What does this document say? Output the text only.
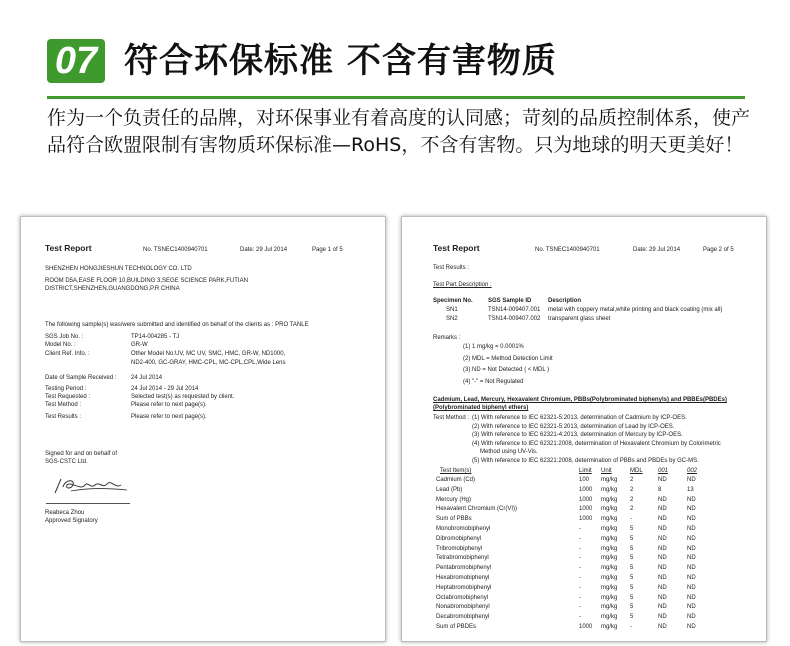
07 符合环保标准 不含有害物质
作为一个负责任的品牌，对环保事业有着高度的认同感；苛刻的品质控制体系，使产品符合欧盟限制有害物质环保标准—RoHS，不含有害物。只为地球的明天更美好！
Test Report	No. TSNEC1400940701	Date: 29 Jul 2014	Page 1 of 5
SHENZHEN HONGJIESHUN TECHNOLOGY CO. LTD
ROOM D5A,EASE FLOOR 10,BUILDING 3,SEGE SCIENCE PARK,FUTIAN
DISTRICT,SHENZHEN,GUANGDONG,P.R CHINA
The following sample(s) was/were submitted and identified on behalf of the clients as : PRO TANLE
SGS Job No. :	TP14-004285 - TJ
Model No. :	GR-W
Client Ref. Info. :	Other Model No:UV, MC UV, SMC, HMC, GR-W, ND1000,
ND2-400, GC-GRAY, HMC-CPL, MC-CPL,CPL,Wide Lens
Date of Sample Received : 24 Jul 2014
Testing Period :	24 Jul 2014 - 29 Jul 2014
Test Requested :	Selected test(s) as requested by client.
Test Method :	Please refer to next page(s).
Test Results :	Please refer to next page(s).
Signed for and on behalf of
SGS-CSTC Ltd.
Reabeca Zhou
Approved Signatory
Test Report	No. TSNEC1400940701	Date: 29 Jul 2014	Page 2 of 5
Test Results :
Test Part Description :
Specimen No.	SGS Sample ID	Description
SN1	TSN14-009407.001 metal with coppery metal,white printing and black coating (mix all)
SN2	TSN14-009407.002 transparent glass sheet
Remarks :
(1) 1 mg/kg = 0.0001%
(2) MDL = Method Detection Limit
(3) ND = Not Detected ( < MDL )
(4) "-" = Not Regulated
Cadmium, Lead, Mercury, Hexavalent Chromium, PBBs(Polybrominated biphenyls) and PBBEs(PBDEs)
(Polybrominated biphenyl ethers)
Test Method : (1) With reference to IEC 62321-5:2013, determination of Cadmium by ICP-OES.
(2) With reference to IEC 62321-5:2013, determination of Lead by ICP-OES.
(3) With reference to IEC 62321-4:2013, determination of Mercury by ICP-OES.
(4) With reference to IEC 62321:2008, determination of Hexavalent Chromium by Colorimetric
Method using UV-Vis.
(5) With reference to IEC 62321:2008, determination of PBBs and PBDEs by GC-MS.
Test Item(s)	Limit Unit	MDL	001	002
Cadmium (Cd)	100 mg/kg 2	ND	ND
Lead (Pb)	1000 mg/kg 2	8	13
Mercury (Hg)	1000 mg/kg 2	ND	ND
Hexavalent Chromium (Cr(VI))	1000 mg/kg 2	ND	ND
Sum of PBBs	1000 mg/kg -	ND	ND
Monobromobiphenyl	-	mg/kg 5	ND	ND
Dibromobiphenyl	-	mg/kg 5	ND	ND
Tribromobiphenyl	-	mg/kg 5	ND	ND
Tetrabromobiphenyl	-	mg/kg 5	ND	ND
Pentabromobiphenyl	-	mg/kg 5	ND	ND
Hexabromobiphenyl	-	mg/kg 5	ND	ND
Heptabromobiphenyl	-	mg/kg 5	ND	ND
Octabromobiphenyl	-	mg/kg 5	ND	ND
Nonabromobiphenyl	-	mg/kg 5	ND	ND
Decabromobiphenyl	-	mg/kg 5	ND	ND
Sum of PBDEs	1000 mg/kg -	ND	ND
